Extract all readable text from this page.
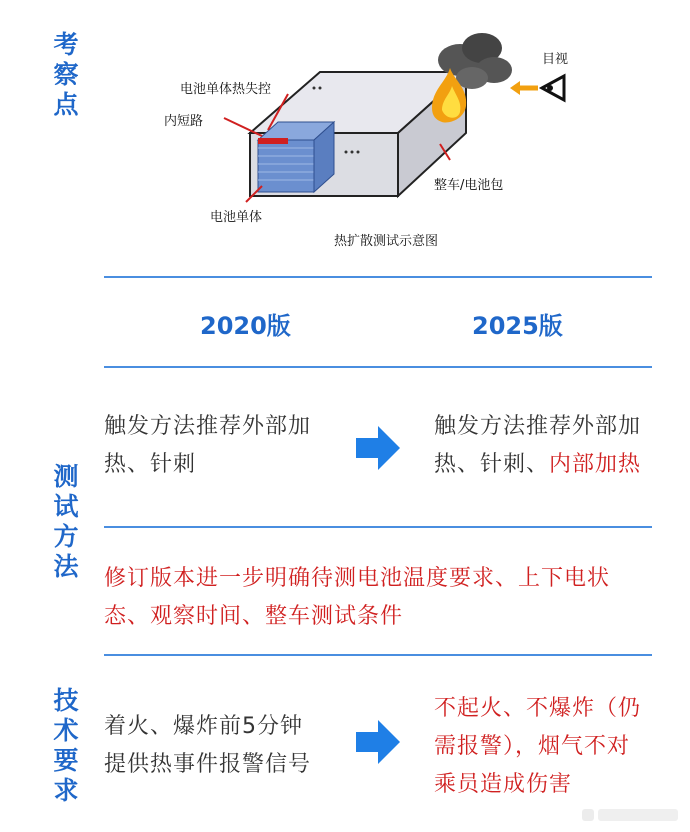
考
察
点
测
试
方
法
技
术
要
求
电池单体热失控
内短路
电池单体
整车/电池包
目视
热扩散测试示意图
2020版	2025版
触发方法推荐外部加
热、针刺
触发方法推荐外部加
热、针刺、内部加热
修订版本进一步明确待测电池温度要求、上下电状
态、观察时间、整车测试条件
着火、爆炸前5分钟
提供热事件报警信号
不起火、不爆炸（仍
需报警），烟气不对
乘员造成伤害
